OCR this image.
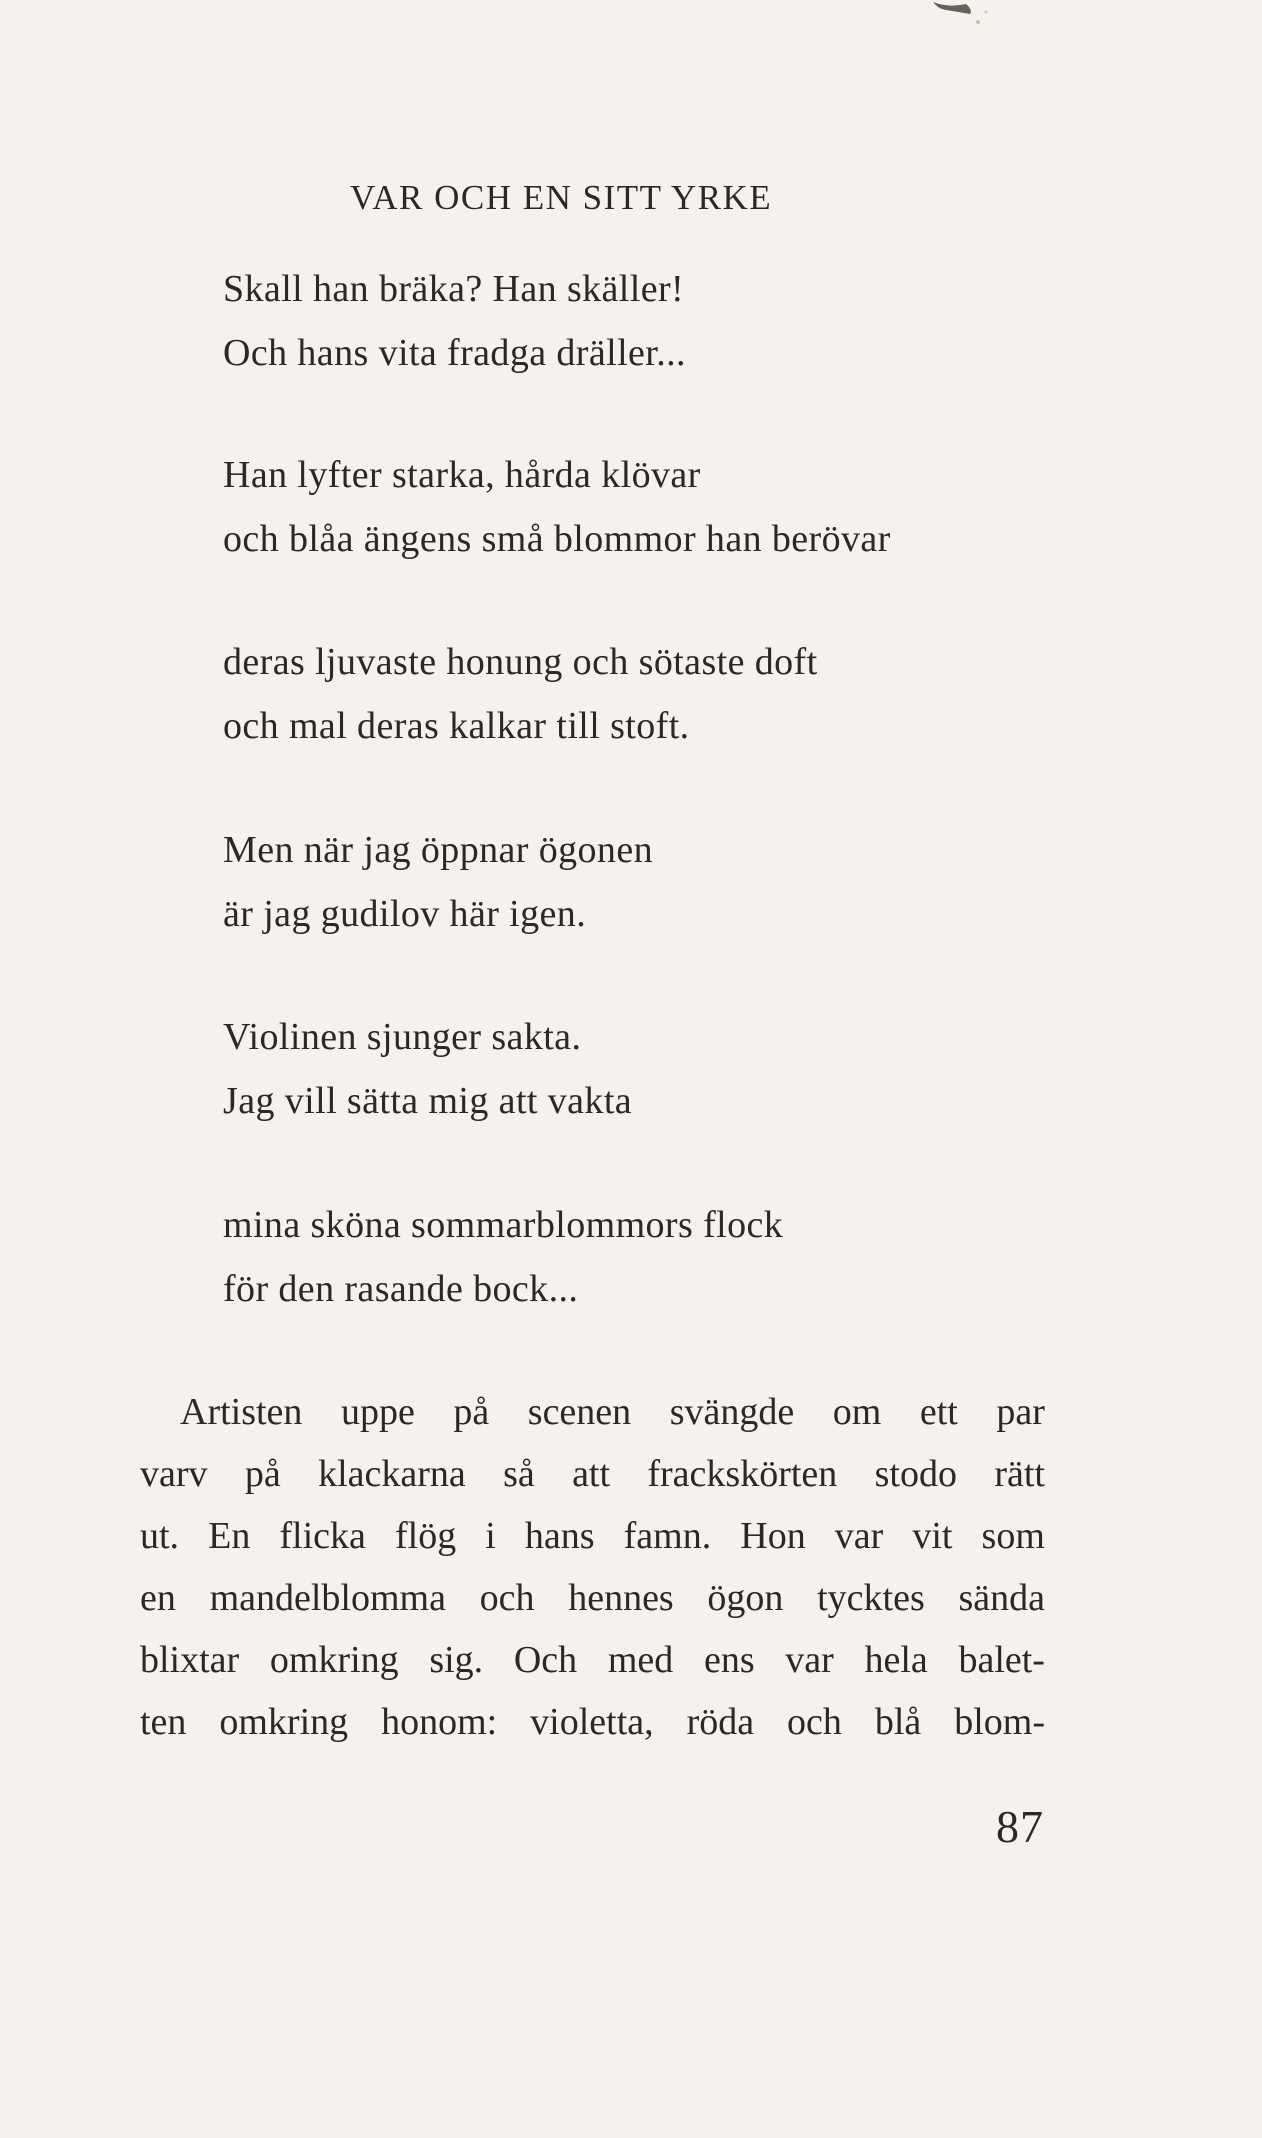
VAR OCH EN SITT YRKE
Skall han bräka? Han skäller!
Och hans vita fradga dräller...
Han lyfter starka, hårda klövar
och blåa ängens små blommor han berövar
deras ljuvaste honung och sötaste doft
och mal deras kalkar till stoft.
Men när jag öppnar ögonen
är jag gudilov här igen.
Violinen sjunger sakta.
Jag vill sätta mig att vakta
mina sköna sommarblommors flock
för den rasande bock...
Artisten uppe på scenen svängde om ett par
varv på klackarna så att frackskörten stodo rätt
ut. En flicka flög i hans famn. Hon var vit som
en mandelblomma och hennes ögon tycktes sända
blixtar omkring sig. Och med ens var hela balet-
ten omkring honom: violetta, röda och blå blom-
87
